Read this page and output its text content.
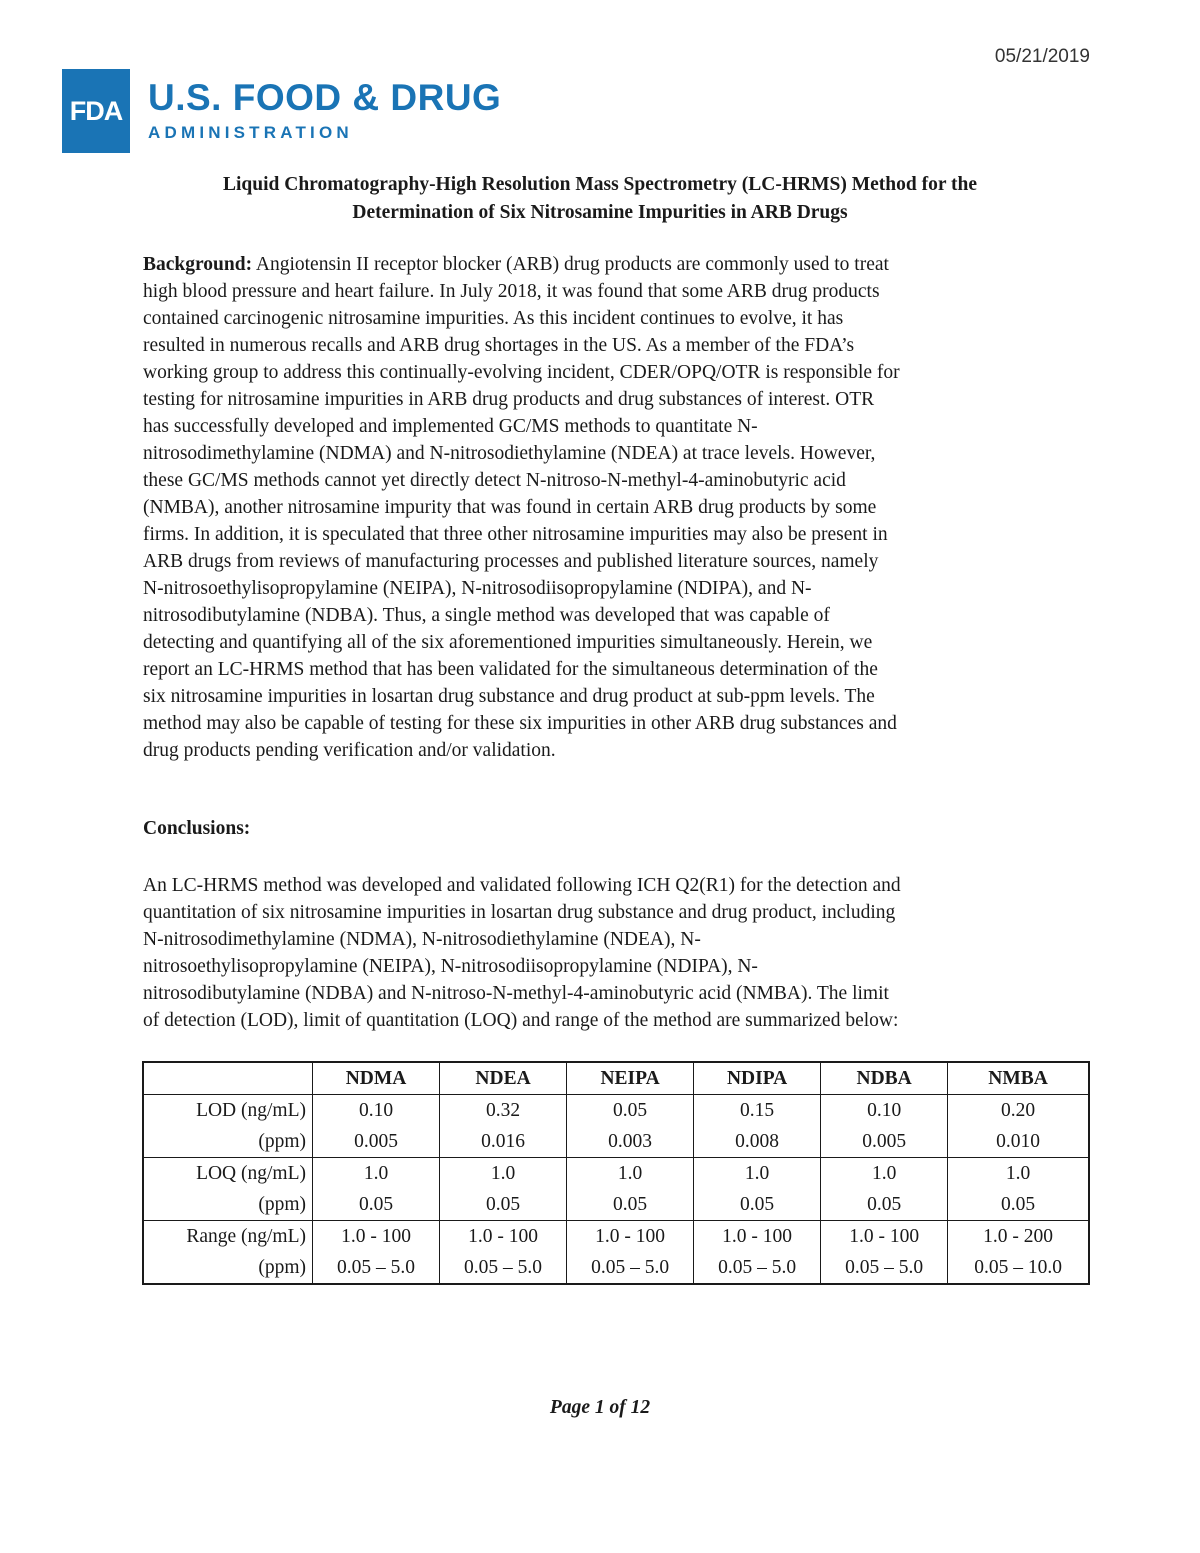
05/21/2019
FDA U.S. FOOD & DRUG
ADMINISTRATION
Liquid Chromatography-High Resolution Mass Spectrometry (LC-HRMS) Method for the
Determination of Six Nitrosamine Impurities in ARB Drugs
Background: Angiotensin II receptor blocker (ARB) drug products are commonly used to treat
high blood pressure and heart failure. In July 2018, it was found that some ARB drug products
contained carcinogenic nitrosamine impurities. As this incident continues to evolve, it has
resulted in numerous recalls and ARB drug shortages in the US. As a member of the FDA’s
working group to address this continually-evolving incident, CDER/OPQ/OTR is responsible for
testing for nitrosamine impurities in ARB drug products and drug substances of interest. OTR
has successfully developed and implemented GC/MS methods to quantitate N-
nitrosodimethylamine (NDMA) and N-nitrosodiethylamine (NDEA) at trace levels. However,
these GC/MS methods cannot yet directly detect N-nitroso-N-methyl-4-aminobutyric acid
(NMBA), another nitrosamine impurity that was found in certain ARB drug products by some
firms. In addition, it is speculated that three other nitrosamine impurities may also be present in
ARB drugs from reviews of manufacturing processes and published literature sources, namely
N-nitrosoethylisopropylamine (NEIPA), N-nitrosodiisopropylamine (NDIPA), and N-
nitrosodibutylamine (NDBA). Thus, a single method was developed that was capable of
detecting and quantifying all of the six aforementioned impurities simultaneously. Herein, we
report an LC-HRMS method that has been validated for the simultaneous determination of the
six nitrosamine impurities in losartan drug substance and drug product at sub-ppm levels. The
method may also be capable of testing for these six impurities in other ARB drug substances and
drug products pending verification and/or validation.
Conclusions:
An LC-HRMS method was developed and validated following ICH Q2(R1) for the detection and
quantitation of six nitrosamine impurities in losartan drug substance and drug product, including
N-nitrosodimethylamine (NDMA), N-nitrosodiethylamine (NDEA), N-
nitrosoethylisopropylamine (NEIPA), N-nitrosodiisopropylamine (NDIPA), N-
nitrosodibutylamine (NDBA) and N-nitroso-N-methyl-4-aminobutyric acid (NMBA). The limit
of detection (LOD), limit of quantitation (LOQ) and range of the method are summarized below:
	NDMA	NDEA	NEIPA	NDIPA	NDBA	NMBA
LOD (ng/mL)	0.10	0.32	0.05	0.15	0.10	0.20
(ppm)	0.005	0.016	0.003	0.008	0.005	0.010
LOQ (ng/mL)	1.0	1.0	1.0	1.0	1.0	1.0
(ppm)	0.05	0.05	0.05	0.05	0.05	0.05
Range (ng/mL)	1.0 - 100	1.0 - 100	1.0 - 100	1.0 - 100	1.0 - 100	1.0 - 200
(ppm)	0.05 – 5.0	0.05 – 5.0	0.05 – 5.0	0.05 – 5.0	0.05 – 5.0	0.05 – 10.0
Page 1 of 12
